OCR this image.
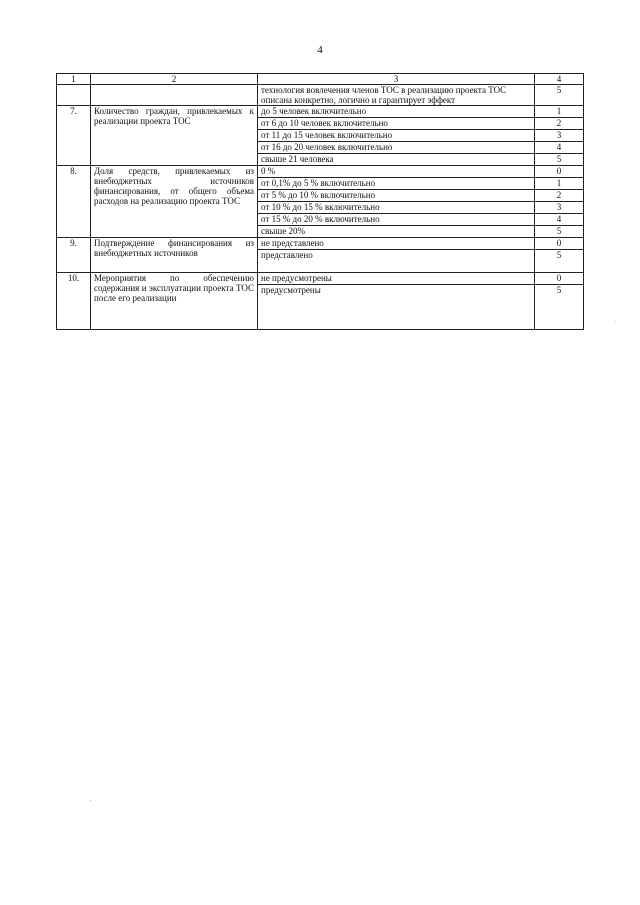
4
1	2	3	4
		технология вовлечения членов ТОС в реализацию проекта ТОС описана конкретно, логично и гарантирует эффект	5
7.	Количество граждан, привлекаемых к реализации проекта ТОС	до 5 человек включительно	1
		от 6 до 10 человек включительно	2
		от 11 до 15 человек включительно	3
		от 16 до 20 человек включительно	4
		свыше 21 человека	5
8.	Доля средств, привлекаемых из внебюджетных источников финансирования, от общего объема расходов на реализацию проекта ТОС	0 %	0
		от 0,1% до 5 % включительно	1
		от 5 % до 10 % включительно	2
		от 10 % до 15 % включительно	3
		от 15 % до 20 % включительно	4
		свыше 20%	5
9.	Подтверждение финансирования из внебюджетных источников	не представлено	0
		представлено	5
10.	Мероприятия по обеспечению содержания и эксплуатации проекта ТОС после его реализации	не предусмотрены	0
		предусмотрены	5
.
'
